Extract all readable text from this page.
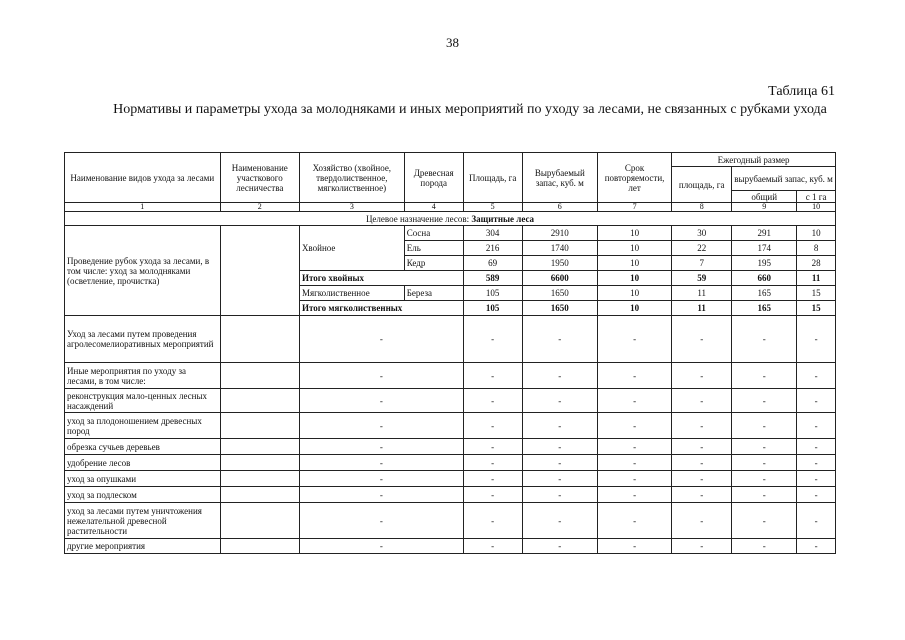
38
Таблица 61
Нормативы и параметры ухода за молодняками и иных мероприятий по уходу за лесами, не связанных с рубками ухода
Наименование видов ухода за лесами	Наименование участкового лесничества	Хозяйство (хвойное, твердолиственное, мягколиственное)	Древесная порода	Площадь, га	Вырубаемый запас, куб. м	Срок повторяемости, лет	Ежегодный размер		
							площадь, га	вырубаемый запас, куб. м	
								общий	с 1 га
1	2	3	4	5	6	7	8	9	10
Целевое назначение лесов: Защитные леса									
Проведение рубок ухода за лесами, в том числе: уход за молодняками (осветление, прочистка)		Хвойное	Сосна	304	2910	10	30	291	10
			Ель	216	1740	10	22	174	8
			Кедр	69	1950	10	7	195	28
		Итого хвойных		589	6600	10	59	660	11
		Мягколиственное	Береза	105	1650	10	11	165	15
		Итого мягколиственных		105	1650	10	11	165	15
Уход за лесами путем проведения агролесомелиоративных мероприятий		-		-	-	-	-	-	-
Иные мероприятия по уходу за лесами, в том числе:		-		-	-	-	-	-	-
реконструкция мало-ценных лесных насаждений		-		-	-	-	-	-	-
уход за плодоношением древесных пород		-		-	-	-	-	-	-
обрезка сучьев деревьев		-		-	-	-	-	-	-
удобрение лесов		-		-	-	-	-	-	-
уход за опушками		-		-	-	-	-	-	-
уход за подлеском		-		-	-	-	-	-	-
уход за лесами путем уничтожения нежелательной древесной растительности		-		-	-	-	-	-	-
другие мероприятия		-		-	-	-	-	-	-
